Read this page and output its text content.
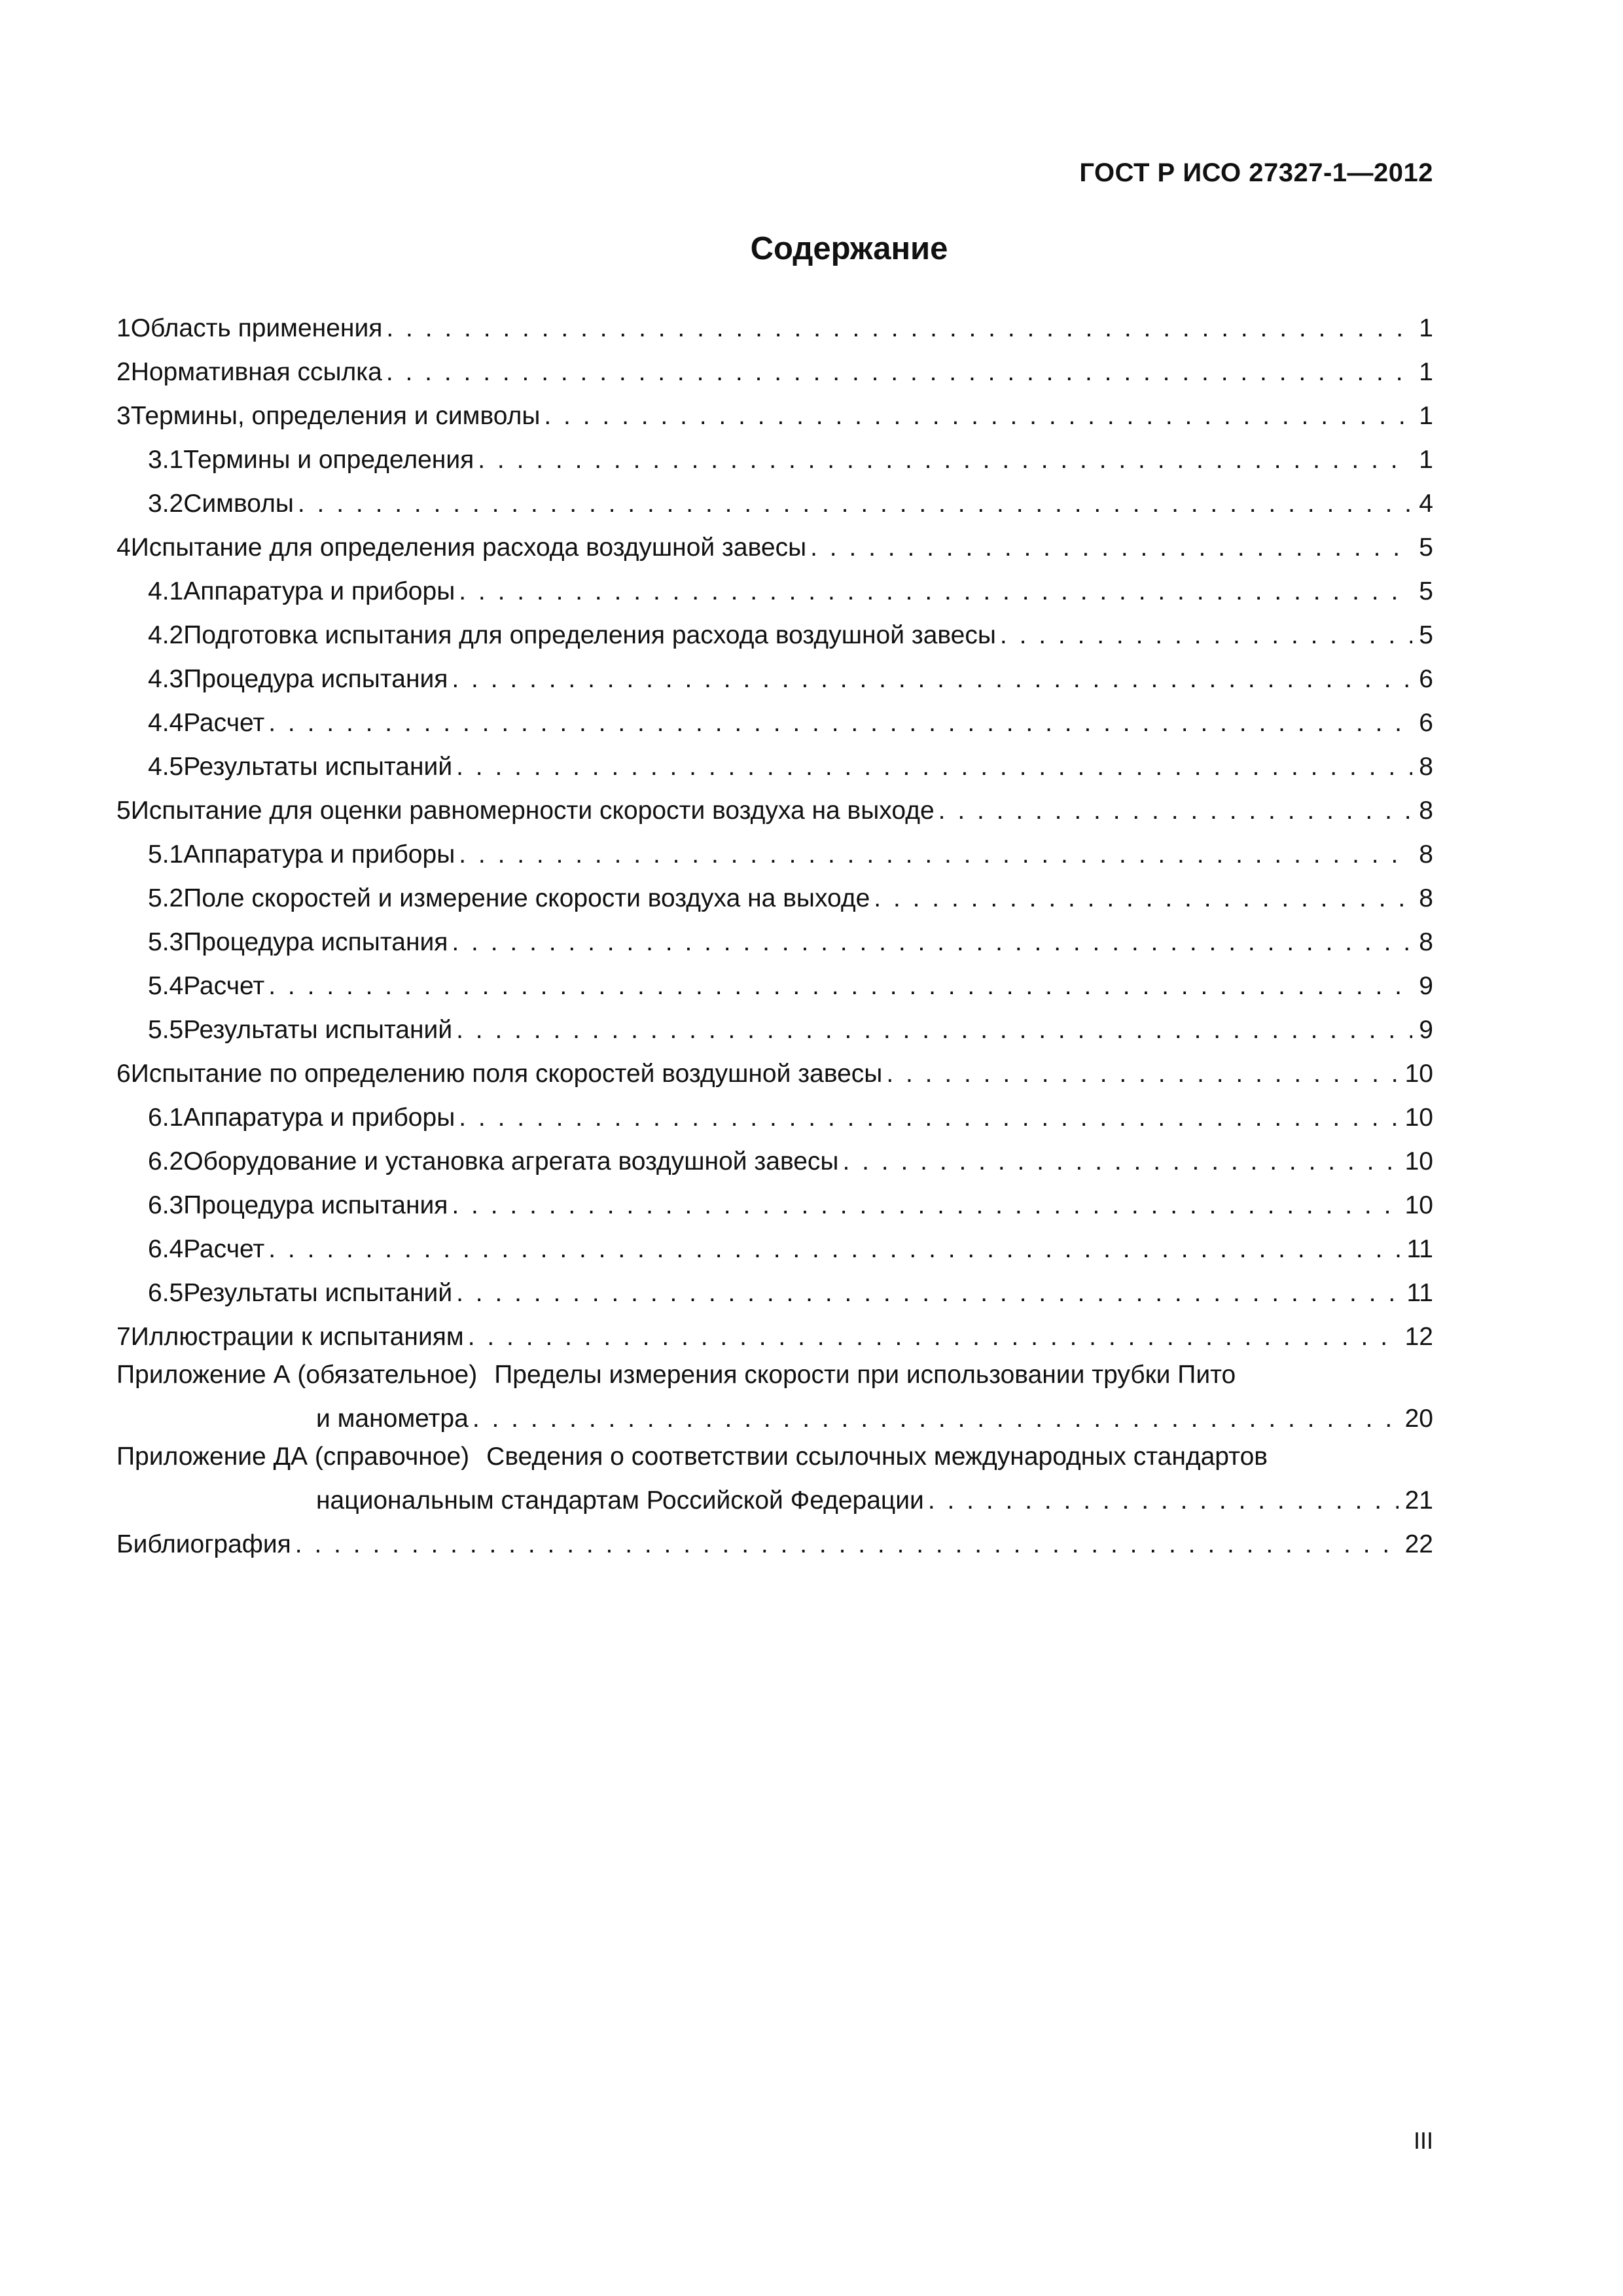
ГОСТ Р ИСО 27327-1—2012
Содержание
1 Область применения . . .	1
2 Нормативная ссылка . . .	1
3 Термины, определения и символы . . .	1
3.1 Термины и определения . . .	1
3.2 Символы . . .	4
4 Испытание для определения расхода воздушной завесы . . .	5
4.1 Аппаратура и приборы . . .	5
4.2 Подготовка испытания для определения расхода воздушной завесы . . .	5
4.3 Процедура испытания . . .	6
4.4 Расчет . . .	6
4.5 Результаты испытаний . . .	8
5 Испытание для оценки равномерности скорости воздуха на выходе . . .	8
5.1 Аппаратура и приборы . . .	8
5.2 Поле скоростей и измерение скорости воздуха на выходе . . .	8
5.3 Процедура испытания . . .	8
5.4 Расчет . . .	9
5.5 Результаты испытаний . . .	9
6 Испытание по определению поля скоростей воздушной завесы . . .	10
6.1 Аппаратура и приборы . . .	10
6.2 Оборудование и установка агрегата воздушной завесы . . .	10
6.3 Процедура испытания . . .	10
6.4 Расчет . . .	11
6.5 Результаты испытаний . . .	11
7 Иллюстрации к испытаниям . . .	12
Приложение А (обязательное) Пределы измерения скорости при использовании трубки Пито
и манометра . . .	20
Приложение ДА (справочное) Сведения о соответствии ссылочных международных стандартов
национальным стандартам Российской Федерации . . .	21
Библиография . . .	22
III
